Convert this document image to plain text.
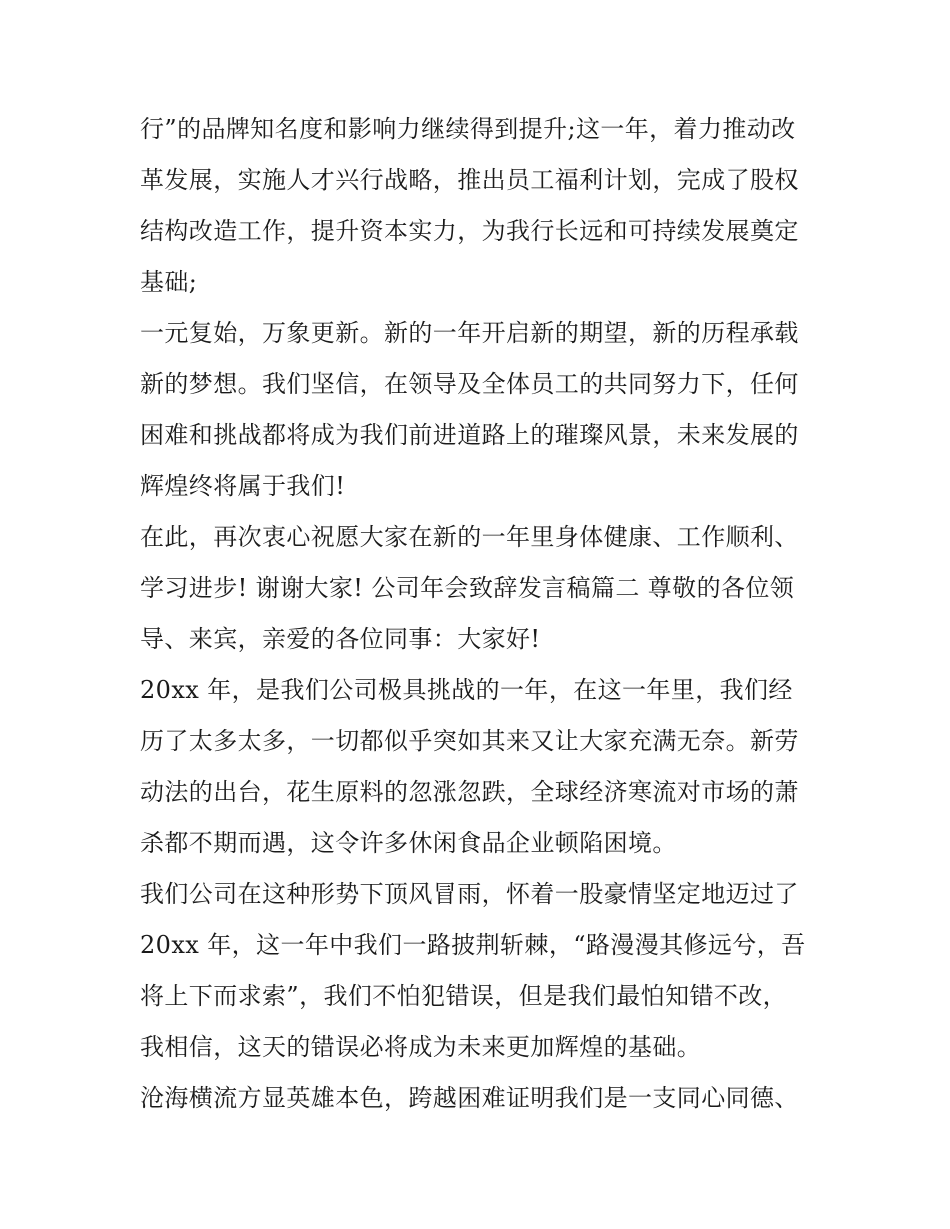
行”的品牌知名度和影响力继续得到提升;这一年，着力推动改
革发展，实施人才兴行战略，推出员工福利计划，完成了股权
结构改造工作，提升资本实力，为我行长远和可持续发展奠定
基础;
一元复始，万象更新。新的一年开启新的期望，新的历程承载
新的梦想。我们坚信，在领导及全体员工的共同努力下，任何
困难和挑战都将成为我们前进道路上的璀璨风景，未来发展的
辉煌终将属于我们!
在此，再次衷心祝愿大家在新的一年里身体健康、工作顺利、
学习进步! 谢谢大家! 公司年会致辞发言稿篇二 尊敬的各位领
导、来宾，亲爱的各位同事：大家好!
20xx 年，是我们公司极具挑战的一年，在这一年里，我们经
历了太多太多，一切都似乎突如其来又让大家充满无奈。新劳
动法的出台，花生原料的忽涨忽跌，全球经济寒流对市场的萧
杀都不期而遇，这令许多休闲食品企业顿陷困境。
我们公司在这种形势下顶风冒雨，怀着一股豪情坚定地迈过了
20xx 年，这一年中我们一路披荆斩棘，“路漫漫其修远兮，吾
将上下而求索”，我们不怕犯错误，但是我们最怕知错不改，
我相信，这天的错误必将成为未来更加辉煌的基础。
沧海横流方显英雄本色，跨越困难证明我们是一支同心同德、
